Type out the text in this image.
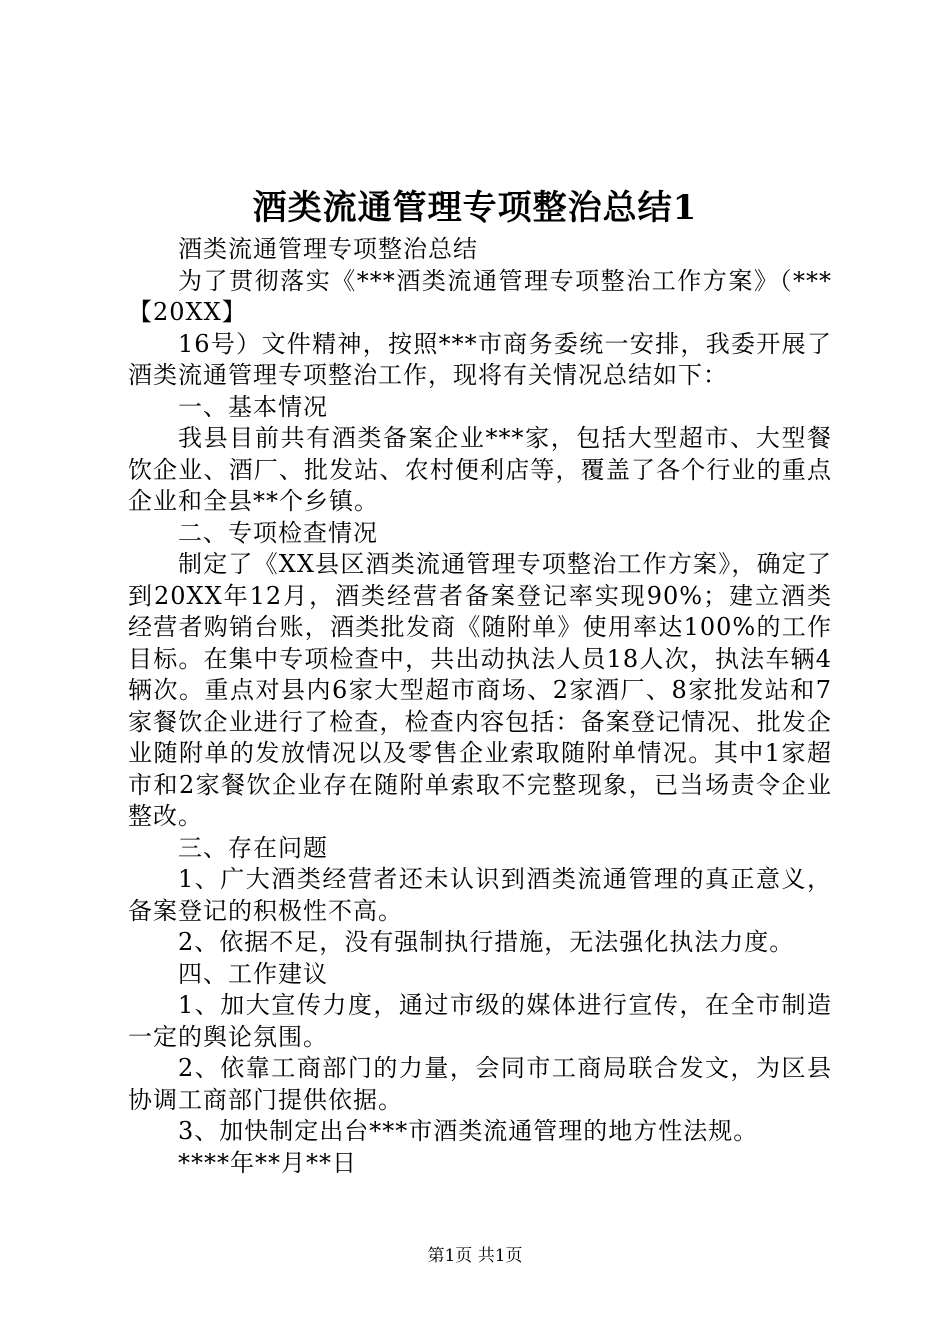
酒类流通管理专项整治总结1

酒类流通管理专项整治总结

为了贯彻落实《***酒类流通管理专项整治工作方案》（***【20XX】

16号）文件精神，按照***市商务委统一安排，我委开展了酒类流通管理专项整治工作，现将有关情况总结如下：

一、基本情况

我县目前共有酒类备案企业***家，包括大型超市、大型餐饮企业、酒厂、批发站、农村便利店等，覆盖了各个行业的重点企业和全县**个乡镇。

二、专项检查情况

制定了《XX县区酒类流通管理专项整治工作方案》，确定了到20XX年12月，酒类经营者备案登记率实现90%；建立酒类经营者购销台账，酒类批发商《随附单》使用率达100%的工作目标。在集中专项检查中，共出动执法人员18人次，执法车辆4辆次。重点对县内6家大型超市商场、2家酒厂、8家批发站和7家餐饮企业进行了检查，检查内容包括：备案登记情况、批发企业随附单的发放情况以及零售企业索取随附单情况。其中1家超市和2家餐饮企业存在随附单索取不完整现象，已当场责令企业整改。

三、存在问题

1、广大酒类经营者还未认识到酒类流通管理的真正意义，备案登记的积极性不高。

2、依据不足，没有强制执行措施，无法强化执法力度。

四、工作建议

1、加大宣传力度，通过市级的媒体进行宣传，在全市制造一定的舆论氛围。

2、依靠工商部门的力量，会同市工商局联合发文，为区县协调工商部门提供依据。

3、加快制定出台***市酒类流通管理的地方性法规。

****年**月**日

第1页 共1页
